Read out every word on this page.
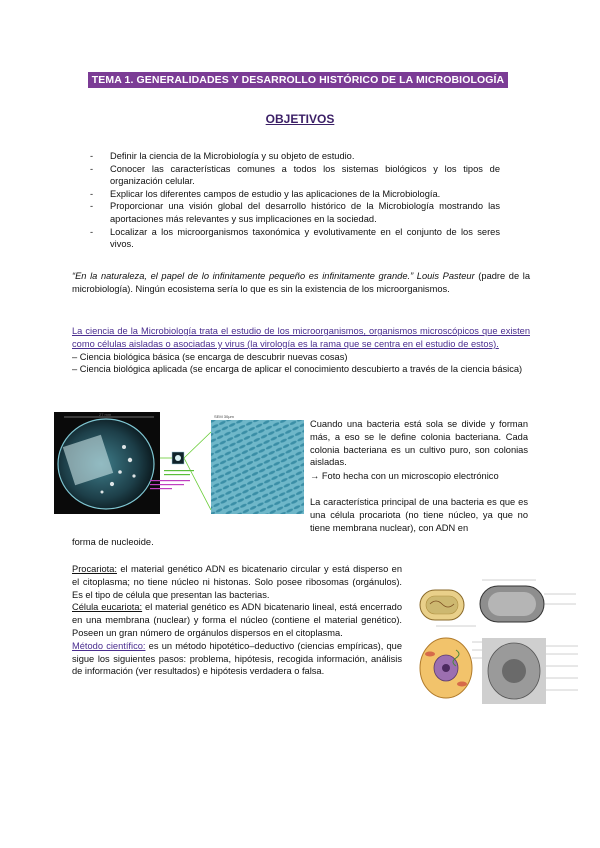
TEMA 1. GENERALIDADES Y DESARROLLO HISTÓRICO DE LA MICROBIOLOGÍA
OBJETIVOS
- Definir la ciencia de la Microbiología y su objeto de estudio.
- Conocer las características comunes a todos los sistemas biológicos y los tipos de organización celular.
- Explicar los diferentes campos de estudio y las aplicaciones de la Microbiología.
- Proporcionar una visión global del desarrollo histórico de la Microbiología mostrando las aportaciones más relevantes y sus implicaciones en la sociedad.
- Localizar a los microorganismos taxonómica y evolutivamente en el conjunto de los seres vivos.

“En la naturaleza, el papel de lo infinitamente pequeño es infinitamente grande.” Louis Pasteur (padre de la microbiología). Ningún ecosistema sería lo que es sin la existencia de los microorganismos.

La ciencia de la Microbiología trata el estudio de los microorganismos, organismos microscópicos que existen como células aisladas o asociadas y virus (la virología es la rama que se centra en el estudio de estos).
– Ciencia biológica básica (se encarga de descubrir nuevas cosas)
– Ciencia biológica aplicada (se encarga de aplicar el conocimiento descubierto a través de la ciencia básica)

27 mm	SEM 30μm

Cuando una bacteria está sola se divide y forman más, a eso se le define colonia bacteriana. Cada colonia bacteriana es un cultivo puro, son colonias aisladas.

→ Foto hecha con un microscopio electrónico

La característica principal de una bacteria es que es una célula procariota (no tiene núcleo, ya que no tiene membrana nuclear), con ADN en

forma de nucleoide.

Procariota: el material genético ADN es bicatenario circular y está disperso en el citoplasma; no tiene núcleo ni histonas. Solo posee ribosomas (orgánulos). Es el tipo de célula que presentan las bacterias.
Célula eucariota: el material genético es ADN bicatenario lineal, está encerrado en una membrana (nuclear) y forma el núcleo (contiene el material genético). Poseen un gran número de orgánulos dispersos en el citoplasma.
Método científico: es un método hipotético–deductivo (ciencias empíricas), que sigue los siguientes pasos: problema, hipótesis, recogida información, análisis de información (ver resultados) e hipótesis verdadera o falsa.
